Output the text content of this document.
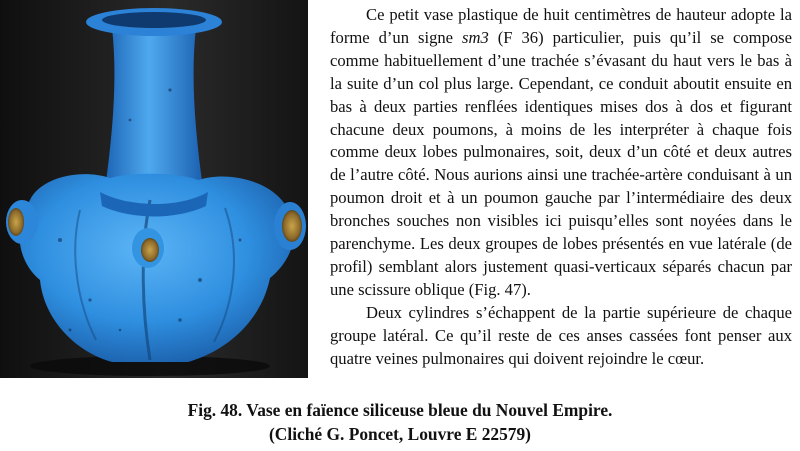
Ce petit vase plastique de huit centimètres de hauteur adopte la forme d’un signe sm3 (F 36) particulier, puis qu’il se compose comme habituellement d’une trachée s’évasant du haut vers le bas à la suite d’un col plus large. Cependant, ce conduit aboutit ensuite en bas à deux parties renflées identiques mises dos à dos et figurant chacune deux poumons, à moins de les interpréter à chaque fois comme deux lobes pulmonaires, soit, deux d’un côté et deux autres de l’autre côté. Nous aurions ainsi une trachée-artère conduisant à un poumon droit et à un poumon gauche par l’intermédiaire des deux bronches souches non visibles ici puisqu’elles sont noyées dans le parenchyme. Les deux groupes de lobes présentés en vue latérale (de profil) semblant alors justement quasi-verticaux séparés chacun par une scissure oblique (Fig. 47).

Deux cylindres s’échappent de la partie supérieure de chaque groupe latéral. Ce qu’il reste de ces anses cassées font penser aux quatre veines pulmonaires qui doivent rejoindre le cœur.

Fig. 48. Vase en faïence siliceuse bleue du Nouvel Empire.
(Cliché G. Poncet, Louvre E 22579)
